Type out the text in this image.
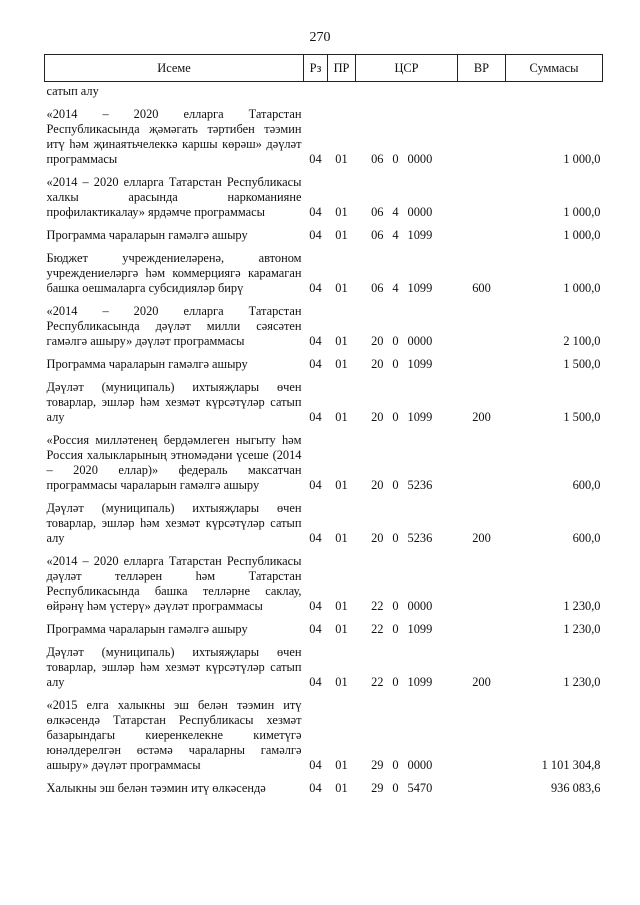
270
Исеме	Рз	ПР	ЦСР			ВР	Суммасы
сатып алу							
«2014 – 2020 елларга Татарстан Республикасында җәмәгать тәртибен тәэмин итү һәм җинаятьчелеккә каршы көрәш» дәүләт программасы	04	01	06	0	0000		1 000,0
«2014 – 2020 елларга Татарстан Республикасы халкы арасында наркоманияне профилактикалау» ярдәмче программасы	04	01	06	4	0000		1 000,0
Программа чараларын гамәлгә ашыру	04	01	06	4	1099		1 000,0
Бюджет учреждениеләренә, автоном учреждениеләргә һәм коммерциягә карамаган башка оешмаларга субсидияләр бирү	04	01	06	4	1099	600	1 000,0
«2014 – 2020 елларга Татарстан Республикасында дәүләт милли сәясәтен гамәлгә ашыру» дәүләт программасы	04	01	20	0	0000		2 100,0
Программа чараларын гамәлгә ашыру	04	01	20	0	1099		1 500,0
Дәүләт (муниципаль) ихтыяҗлары өчен товарлар, эшләр һәм хезмәт күрсәтүләр сатып алу	04	01	20	0	1099	200	1 500,0
«Россия милләтенең бердәмлеген ныгыту һәм Россия халыкларының этномәдәни үсеше (2014 – 2020 еллар)» федераль максатчан программасы чараларын гамәлгә ашыру	04	01	20	0	5236		600,0
Дәүләт (муниципаль) ихтыяҗлары өчен товарлар, эшләр һәм хезмәт күрсәтүләр сатып алу	04	01	20	0	5236	200	600,0
«2014 – 2020 елларга Татарстан Республикасы дәүләт телләрен һәм Татарстан Республикасында башка телләрне саклау, өйрәнү һәм үстерү» дәүләт программасы	04	01	22	0	0000		1 230,0
Программа чараларын гамәлгә ашыру	04	01	22	0	1099		1 230,0
Дәүләт (муниципаль) ихтыяҗлары өчен товарлар, эшләр һәм хезмәт күрсәтүләр сатып алу	04	01	22	0	1099	200	1 230,0
«2015 елга халыкны эш белән тәэмин итү өлкәсендә Татарстан Республикасы хезмәт базарындагы киеренкелекне киметүгә юнәлдерелгән өстәмә чараларны гамәлгә ашыру» дәүләт программасы	04	01	29	0	0000		1 101 304,8
Халыкны эш белән тәэмин итү өлкәсендә	04	01	29	0	5470		936 083,6
